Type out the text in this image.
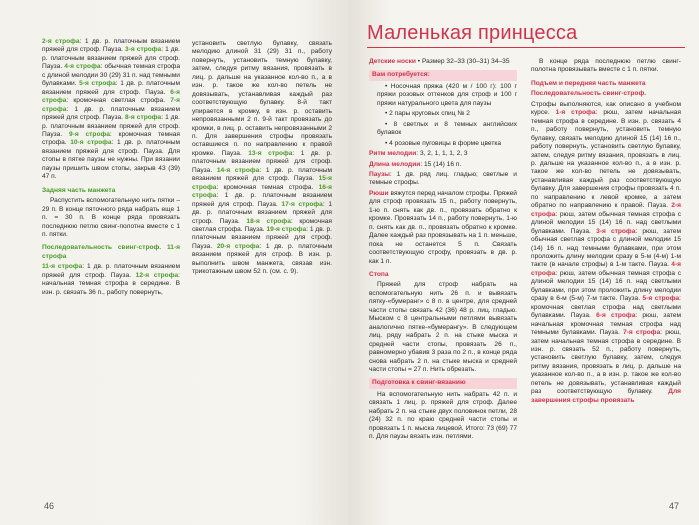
2-я строфа: 1 дв. р. платочным вязанием пряжей для строф. Пауза. 3-я строфа: 1 дв. р. платочным вязанием пряжей для строф. Пауза. 4-я строфа: обычная темная строфа с длиной мелодии 30 (29) 31 п. над темными булавками. 5-я строфа: 1 дв. р. платочным вязанием пряжей для строф. Пауза. 6-я строфа: кромочная светлая строфа. 7-я строфа: 1 дв. р. платочным вязанием пряжей для строф. Пауза. 8-я строфа: 1 дв. р. платочным вязанием пряжей для строф. Пауза. 9-я строфа: кромочная темная строфа. 10-я строфа: 1 дв. р. платочным вязанием пряжей для строф. Пауза. Для стопы в пятке паузы не нужны. При вязании паузы пришить швом стопы, закрыв 43 (39) 47 п.

Задняя часть манжета

Распустить вспомогательную нить пятки – 29 п. В конце пяточного ряда набрать еще 1 п. = 30 п. В конце ряда провязать последнюю петлю свинг-полотна вместе с 1 п. пятки.

Последовательность свинг-строф. 11-я строфа

11-я строфа: 1 дв. р. платочным вязанием пряжей для строф. Пауза. 12-я строфа: начальная темная строфа в середине. В изн. р. связать 36 п., работу повернуть,

установить светлую булавку, связать мелодию длиной 31 (29) 31 п., работу повернуть, установить темную булавку, затем, следуя ритму вязания, провязать в лиц. р. дальше на указанное кол-во п., а в изн. р. такое же кол-во петель не довязывать, устанавливая каждый раз соответствующую булавку. 8-й такт упирается в кромку, в изн. р. оставить непровязанными 2 п. 9-й такт провязать до кромки, в лиц. р. оставить непровязанными 2 п. Для завершения строфы провязать оставшиеся п. по направлению к правой кромке. Пауза. 13-я строфа: 1 дв. р. платочным вязанием пряжей для строф. Пауза. 14-я строфа: 1 дв. р. платочным вязанием пряжей для строф. Пауза. 15-я строфа: кромочная темная строфа. 16-я строфа: 1 дв. р. платочным вязанием пряжей для строф. Пауза. 17-я строфа: 1 дв. р. платочным вязанием пряжей для строф. Пауза. 18-я строфа: кромочная светлая строфа. Пауза. 19-я строфа: 1 дв. р. платочным вязанием пряжей для строф. Пауза. 20-я строфа: 1 дв. р. платочным вязанием пряжей для строф. В изн. р. выполнить швом манжета, связав изн. трикотажным швом 52 п. (см. с. 9).

46
Маленькая принцесса

Детские носки • Размер 32–33 (30–31) 34–35

Вам потребуется:

• Носочная пряжа (420 м / 100 г): 100 г пряжи розовых оттенков для строф и 100 г пряжи натурального цвета для паузы

• 2 пары круговых спиц № 2

• 8 светлых и 8 темных английских булавок

• 4 розовые пуговицы в форме цветка

Ритм мелодии: 3, 2, 1, 1, 1, 2, 3

Длина мелодии: 15 (14) 16 п.

Паузы: 1 дв. ряд лиц. гладью; светлые и темные строфы.

Рюши вяжутся перед началом строфы. Пряжей для строф провязать 15 п., работу повернуть, 1-ю п. снять как дв. п., провязать обратно к кромке. Провязать 14 п., работу повернуть, 1-ю п. снять как дв. п., провязать обратно к кромке. Далее каждый раз провязывать на 1 п. меньше, пока не останется 5 п. Связать соответствующую строфу, провязать в дв. р. как 1 п.

Стопа

Пряжей для строф набрать на вспомогательную нить 26 п. и вывязать пятку-«бумеранг» с 8 п. в центре, для средней части стопы связать 42 (36) 48 р. лиц. гладью. Мыском с 8 центральными петлями вывязать аналогично пятке-«бумерангу». В следующем лиц. ряду набрать 2 п. на стыке мыска и средней части стопы, провязать 26 п., равномерно убавив 3 раза по 2 п., в конце ряда снова набрать 2 п. на стыке мыска и средней части стопы = 27 п. Нить обрезать.

Подготовка к свинг-вязанию

На вспомогательную нить набрать 42 п. и связать 1 лиц. р. пряжей для строф. Далее набрать 2 п. на стыке двух половинок петли, 28 (24) 32 п. по краю средней части стопы и провязать 1 п. мыска лицевой. Итого: 73 (69) 77 п. Для паузы вязать изн. петлями.

В конце ряда последнюю петлю свинг-полотна провязывать вместе с 1 п. пятки.

Подъем и передняя часть манжета
Последовательность свинг-строф.

Строфы выполняются, как описано в учебном курсе. 1-я строфа: рюш, затем начальная темная строфа в середине. В изн. р. связать 4 п., работу повернуть, установить темную булавку, связать мелодию длиной 15 (14) 16 п., работу повернуть, установить светлую булавку, затем, следуя ритму вязания, провязать в лиц. р. дальше на указанное кол-во п., а в изн. р. такое же кол-во петель не довязывать, устанавливая каждый раз соответствующую булавку. Для завершения строфы провязать 4 п. по направлению к левой кромке, а затем обратно по направлению к правой. Пауза. 2-я строфа: рюш, затем обычная темная строфа с длиной мелодии 15 (14) 16 п. над светлыми булавками. Пауза. 3-я строфа: рюш, затем обычная светлая строфа с длиной мелодии 15 (14) 16 п. над темными булавками, при этом проложить длину мелодии сразу в 5-м (4-м) 1-м такте (в начале строфы) в 1-м такте. Пауза. 4-я строфа: рюш, затем обычная темная строфа с длиной мелодии 15 (14) 16 п. над светлыми булавками, при этом проложить длину мелодии сразу в 6-м (5-м) 7-м такте. Пауза. 5-я строфа: кромочная светлая строфа над светлыми булавками. Пауза. 6-я строфа: рюш, затем начальная кромочная темная строфа над темными булавками. Пауза. 7-я строфа: рюш, затем начальная темная строфа в середине. В изн. р. связать 52 п., работу повернуть, установить светлую булавку, затем, следуя ритму вязания, провязать в лиц. р. дальше на указанное кол-во п., а в изн. р. такое же кол-во петель не довязывать, устанавливая каждый раз соответствующую булавку. Для завершения строфы провязать

47
